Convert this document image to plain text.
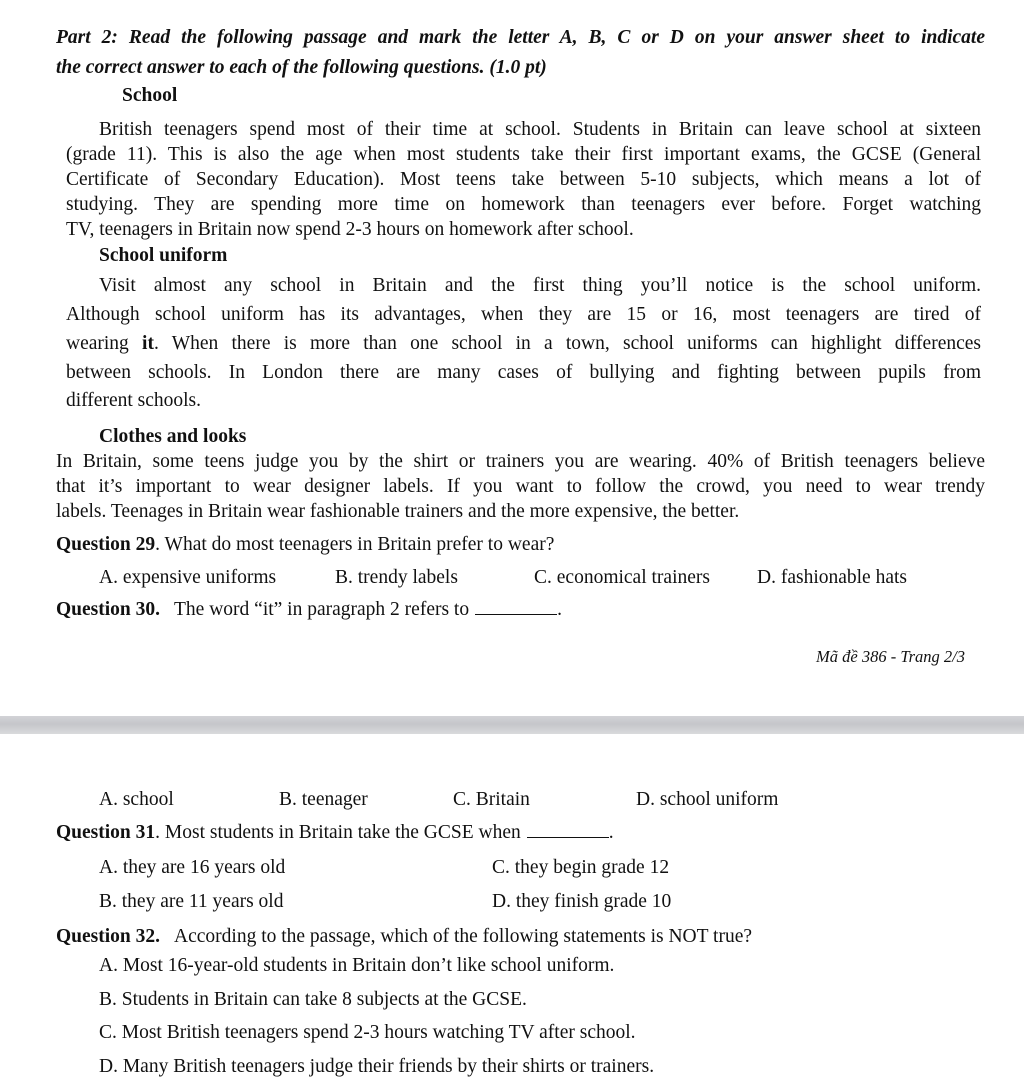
Part 2: Read the following passage and mark the letter A, B, C or D on your answer sheet to indicate
the correct answer to each of the following questions. (1.0 pt)
School
British teenagers spend most of their time at school. Students in Britain can leave school at sixteen
(grade 11). This is also the age when most students take their first important exams, the GCSE (General
Certificate of Secondary Education). Most teens take between 5-10 subjects, which means a lot of
studying. They are spending more time on homework than teenagers ever before. Forget watching
TV, teenagers in Britain now spend 2-3 hours on homework after school.
School uniform
Visit almost any school in Britain and the first thing you’ll notice is the school uniform.
Although school uniform has its advantages, when they are 15 or 16, most teenagers are tired of
wearing it. When there is more than one school in a town, school uniforms can highlight differences
between schools. In London there are many cases of bullying and fighting between pupils from
different schools.
Clothes and looks
In Britain, some teens judge you by the shirt or trainers you are wearing. 40% of British teenagers believe
that it’s important to wear designer labels. If you want to follow the crowd, you need to wear trendy
labels. Teenages in Britain wear fashionable trainers and the more expensive, the better.
Question 29. What do most teenagers in Britain prefer to wear?
A. expensive uniforms	B. trendy labels	C. economical trainers D. fashionable hats
Question 30. The word “it” in paragraph 2 refers to	.
Mã đề 386 - Trang 2/3
A. school	B. teenager	C. Britain	D. school uniform
Question 31. Most students in Britain take the GCSE when	.
A. they are 16 years old	C. they begin grade 12
B. they are 11 years old	D. they finish grade 10
Question 32. According to the passage, which of the following statements is NOT true?
A. Most 16-year-old students in Britain don’t like school uniform.
B. Students in Britain can take 8 subjects at the GCSE.
C. Most British teenagers spend 2-3 hours watching TV after school.
D. Many British teenagers judge their friends by their shirts or trainers.
